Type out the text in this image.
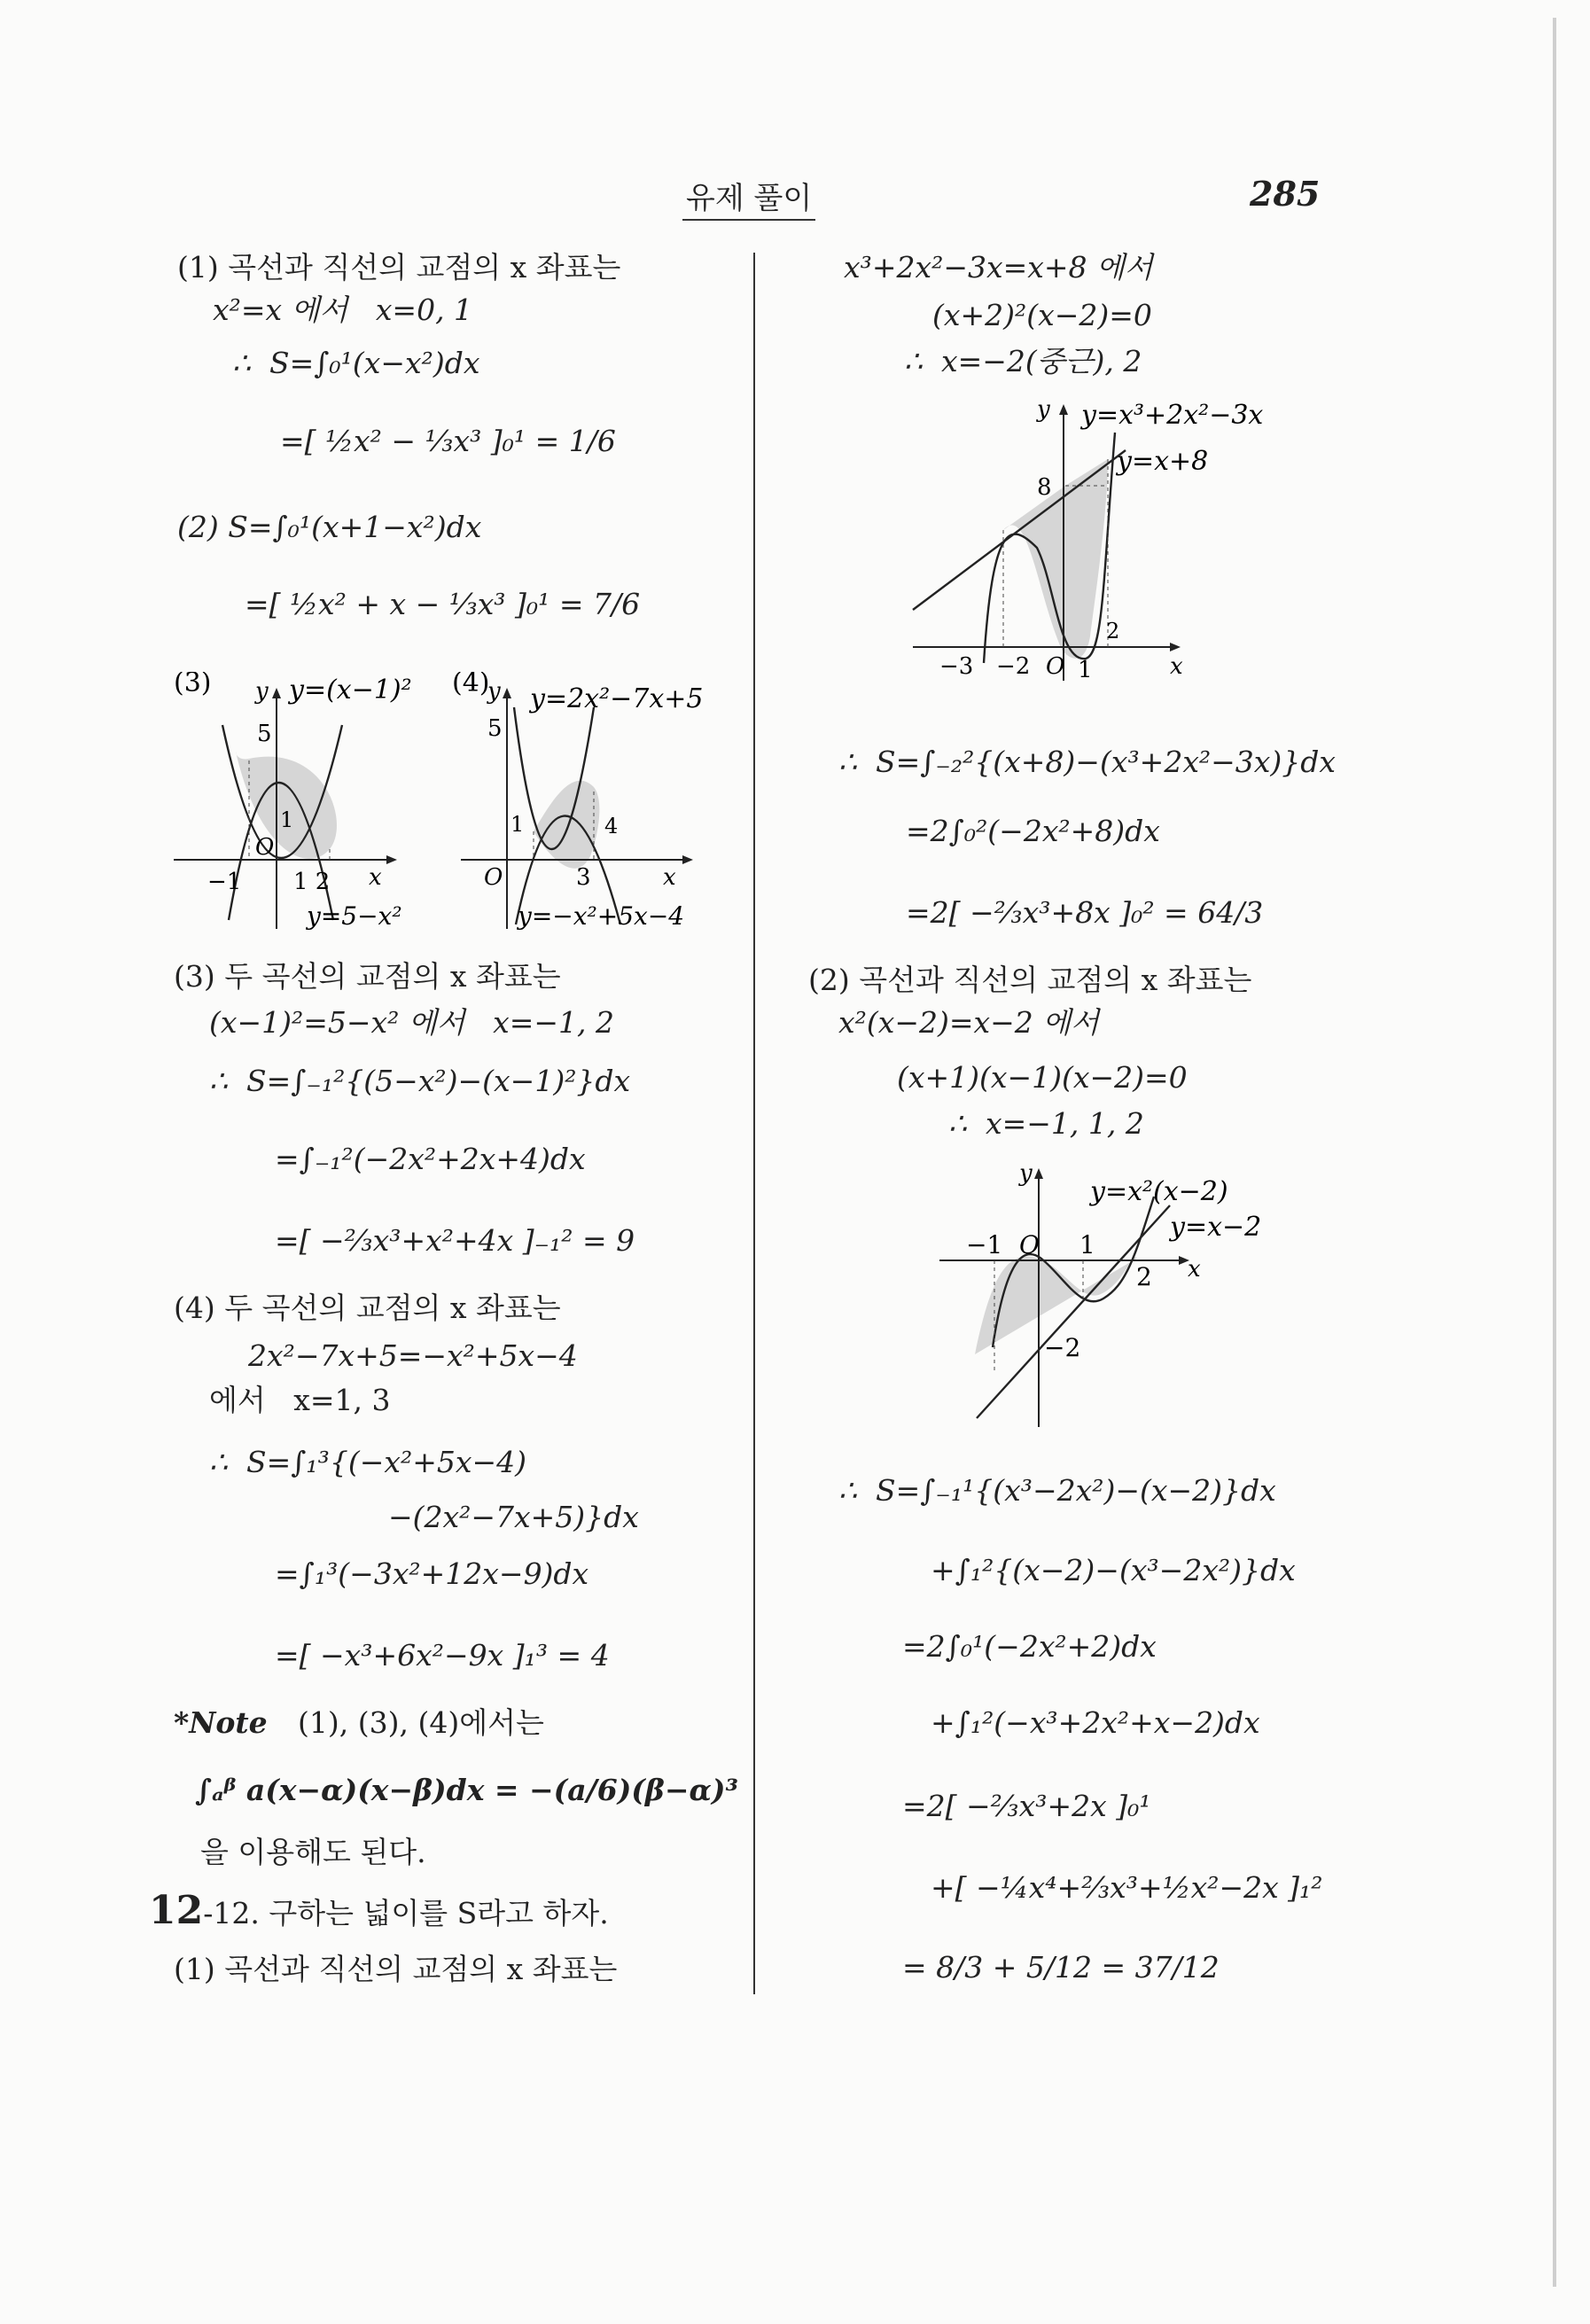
유제 풀이	285
(1) 곡선과 직선의 교점의 x 좌표는
x²=x 에서   x=0, 1
∴  S=∫₀¹(x−x²)dx
=[ ½x² − ⅓x³ ]₀¹ = 1/6
(2) S=∫₀¹(x+1−x²)dx
=[ ½x² + x − ⅓x³ ]₀¹ = 7/6
(3) y y=(x−1)²
5
1
O
−1 1 2 x
y=5−x²
(4)
y y=2x²−7x+5
5
1	4
O	3	x
y=−x²+5x−4
(3) 두 곡선의 교점의 x 좌표는
(x−1)²=5−x² 에서   x=−1, 2
∴  S=∫₋₁²{(5−x²)−(x−1)²}dx
=∫₋₁²(−2x²+2x+4)dx
=[ −⅔x³+x²+4x ]₋₁² = 9
(4) 두 곡선의 교점의 x 좌표는
2x²−7x+5=−x²+5x−4
에서   x=1, 3
∴  S=∫₁³{(−x²+5x−4)
−(2x²−7x+5)}dx
=∫₁³(−3x²+12x−9)dx
=[ −x³+6x²−9x ]₁³ = 4
*Note (1), (3), (4)에서는
∫ₐᵝ a(x−α)(x−β)dx = −(a/6)(β−α)³
을 이용해도 된다.
12-12. 구하는 넓이를 S라고 하자.
(1) 곡선과 직선의 교점의 x 좌표는
x³+2x²−3x=x+8 에서
(x+2)²(x−2)=0
∴  x=−2(중근), 2
y y=x³+2x²−3x
y=x+8
8
2
−3 −2 O 1	x
∴  S=∫₋₂²{(x+8)−(x³+2x²−3x)}dx
=2∫₀²(−2x²+8)dx
=2[ −⅔x³+8x ]₀² = 64/3
(2) 곡선과 직선의 교점의 x 좌표는
x²(x−2)=x−2 에서
(x+1)(x−1)(x−2)=0
∴  x=−1, 1, 2
y
y=x²(x−2)
y=x−2
−1 O 1
2 x
−2
∴  S=∫₋₁¹{(x³−2x²)−(x−2)}dx
+∫₁²{(x−2)−(x³−2x²)}dx
=2∫₀¹(−2x²+2)dx
+∫₁²(−x³+2x²+x−2)dx
=2[ −⅔x³+2x ]₀¹
+[ −¼x⁴+⅔x³+½x²−2x ]₁²
= 8/3 + 5/12 = 37/12
